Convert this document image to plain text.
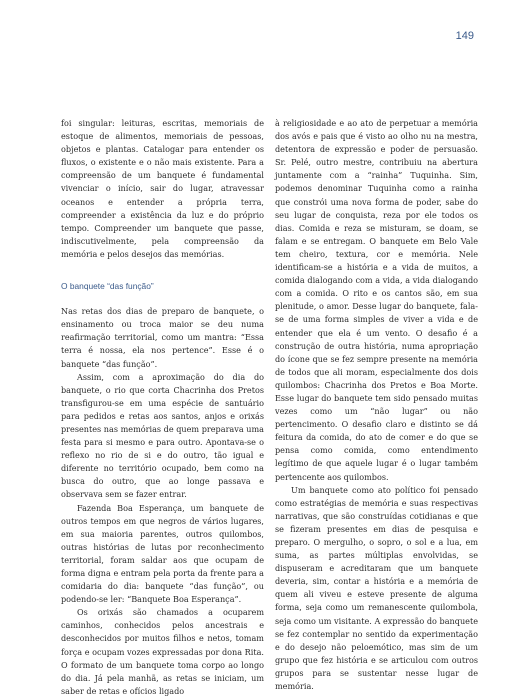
149

foi singular: leituras, escritas, memoriais de estoque de alimentos, memoriais de pessoas, objetos e plantas. Catalogar para entender os fluxos, o existente e o não mais existente. Para a compreensão de um banquete é fundamental vivenciar o início, sair do lugar, atravessar oceanos e entender a própria terra, compreender a existência da luz e do próprio tempo. Compreender um banquete que passe, indiscutivelmente, pela compreensão da memória e pelos desejos das memórias.

O banquete “das função”

Nas retas dos dias de preparo de banquete, o ensinamento ou troca maior se deu numa reafirmação territorial, como um mantra: “Essa terra é nossa, ela nos pertence”. Esse é o banquete “das função”.

Assim, com a aproximação do dia do banquete, o rio que corta Chacrinha dos Pretos transfigurou-se em uma espécie de santuário para pedidos e retas aos santos, anjos e orixás presentes nas memórias de quem preparava uma festa para si mesmo e para outro. Apontava-se o reflexo no rio de si e do outro, tão igual e diferente no território ocupado, bem como na busca do outro, que ao longe passava e observava sem se fazer entrar.

Fazenda Boa Esperança, um banquete de outros tempos em que negros de vários lugares, em sua maioria parentes, outros quilombos, outras histórias de lutas por reconhecimento territorial, foram saldar aos que ocupam de forma digna e entram pela porta da frente para a comidaria do dia: banquete “das função”, ou podendo-se ler: “Banquete Boa Esperança”.

Os orixás são chamados a ocuparem caminhos, conhecidos pelos ancestrais e desconhecidos por muitos filhos e netos, tomam força e ocupam vozes expressadas por dona Rita. O formato de um banquete toma corpo ao longo do dia. Já pela manhã, as retas se iniciam, um saber de retas e ofícios ligado

à religiosidade e ao ato de perpetuar a memória dos avós e pais que é visto ao olho nu na mestra, detentora de expressão e poder de persuasão. Sr. Pelé, outro mestre, contribuiu na abertura juntamente com a “rainha” Tuquinha. Sim, podemos denominar Tuquinha como a rainha que constrói uma nova forma de poder, sabe do seu lugar de conquista, reza por ele todos os dias. Comida e reza se misturam, se doam, se falam e se entregam. O banquete em Belo Vale tem cheiro, textura, cor e memória. Nele identificam-se a história e a vida de muitos, a comida dialogando com a vida, a vida dialogando com a comida. O rito e os cantos são, em sua plenitude, o amor. Desse lugar do banquete, fala-se de uma forma simples de viver a vida e de entender que ela é um vento. O desafio é a construção de outra história, numa apropriação do ícone que se fez sempre presente na memória de todos que ali moram, especialmente dos dois quilombos: Chacrinha dos Pretos e Boa Morte. Esse lugar do banquete tem sido pensado muitas vezes como um “não lugar” ou não pertencimento. O desafio claro e distinto se dá feitura da comida, do ato de comer e do que se pensa como comida, como entendimento legítimo de que aquele lugar é o lugar também pertencente aos quilombos.

Um banquete como ato político foi pensado como estratégias de memória e suas respectivas narrativas, que são construídas cotidianas e que se fizeram presentes em dias de pesquisa e preparo. O mergulho, o sopro, o sol e a lua, em suma, as partes múltiplas envolvidas, se dispuseram e acreditaram que um banquete deveria, sim, contar a história e a memória de quem ali viveu e esteve presente de alguma forma, seja como um remanescente quilombola, seja como um visitante. A expressão do banquete se fez contemplar no sentido da experimentação e do desejo não peloemótico, mas sim de um grupo que fez história e se articulou com outros grupos para se sustentar nesse lugar de memória.
